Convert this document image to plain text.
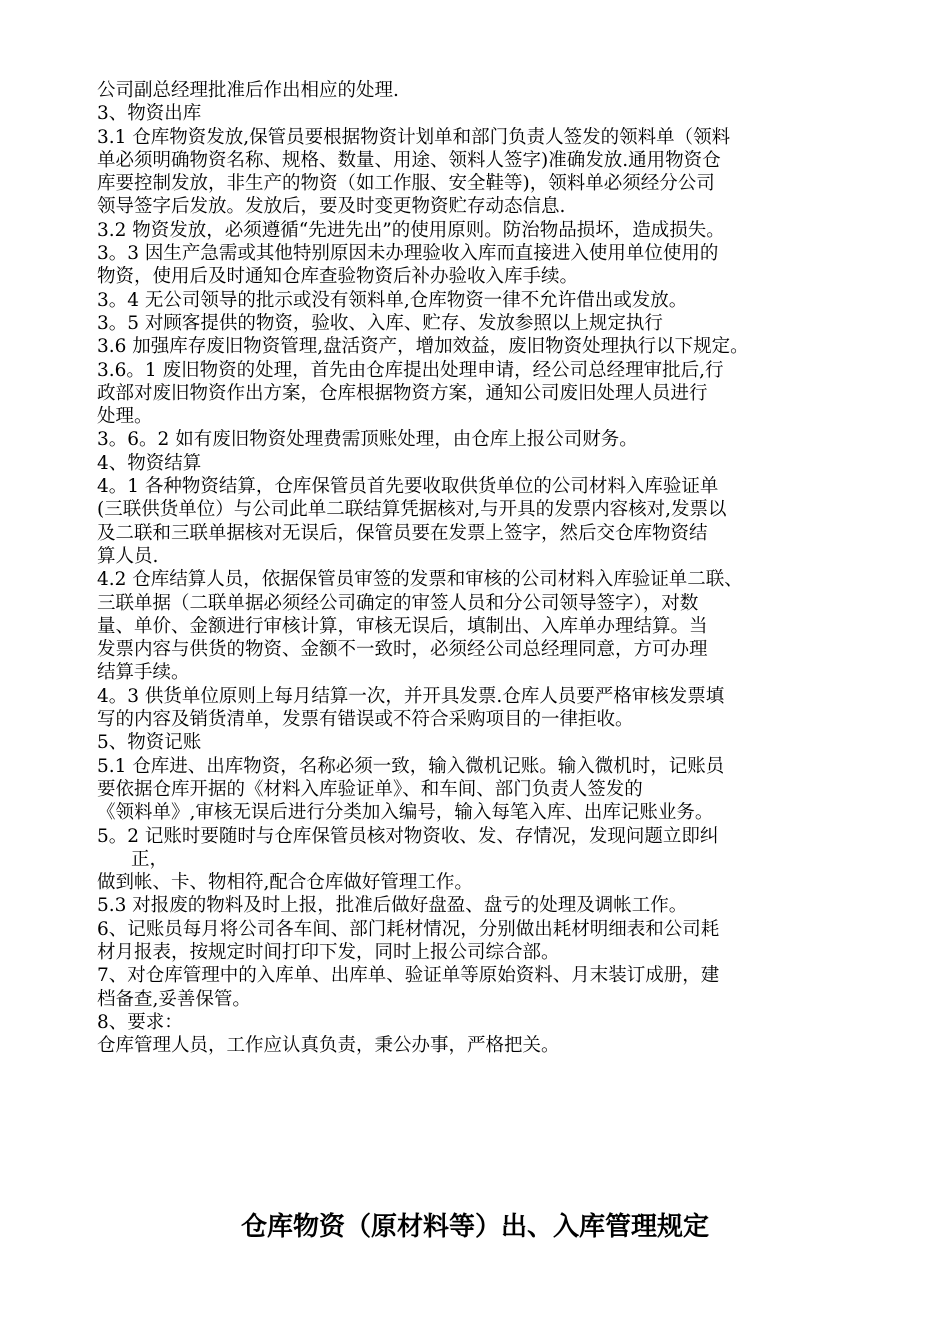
公司副总经理批准后作出相应的处理.
3、物资出库
3.1 仓库物资发放,保管员要根据物资计划单和部门负责人签发的领料单（领料
单必须明确物资名称、规格、数量、用途、领料人签字)准确发放.通用物资仓
库要控制发放，非生产的物资（如工作服、安全鞋等)，领料单必须经分公司
领导签字后发放。发放后，要及时变更物资贮存动态信息.
3.2 物资发放，必须遵循“先进先出”的使用原则。防治物品损坏，造成损失。
3。3 因生产急需或其他特别原因未办理验收入库而直接进入使用单位使用的
物资，使用后及时通知仓库查验物资后补办验收入库手续。
3。4 无公司领导的批示或没有领料单,仓库物资一律不允许借出或发放。
3。5 对顾客提供的物资，验收、入库、贮存、发放参照以上规定执行
3.6 加强库存废旧物资管理,盘活资产，增加效益，废旧物资处理执行以下规定。
3.6。1 废旧物资的处理，首先由仓库提出处理申请，经公司总经理审批后,行
政部对废旧物资作出方案，仓库根据物资方案，通知公司废旧处理人员进行
处理。
3。6。2 如有废旧物资处理费需顶账处理，由仓库上报公司财务。
4、物资结算
4。1 各种物资结算，仓库保管员首先要收取供货单位的公司材料入库验证单
(三联供货单位）与公司此单二联结算凭据核对,与开具的发票内容核对,发票以
及二联和三联单据核对无误后，保管员要在发票上签字，然后交仓库物资结
算人员.
4.2 仓库结算人员，依据保管员审签的发票和审核的公司材料入库验证单二联、
三联单据（二联单据必须经公司确定的审签人员和分公司领导签字），对数
量、单价、金额进行审核计算，审核无误后，填制出、入库单办理结算。当
发票内容与供货的物资、金额不一致时，必须经公司总经理同意，方可办理
结算手续。
4。3 供货单位原则上每月结算一次，并开具发票.仓库人员要严格审核发票填
写的内容及销货清单，发票有错误或不符合采购项目的一律拒收。
5、物资记账
5.1 仓库进、出库物资，名称必须一致，输入微机记账。输入微机时，记账员
要依据仓库开据的《材料入库验证单》、和车间、部门负责人签发的
《领料单》,审核无误后进行分类加入编号，输入每笔入库、出库记账业务。
5。2 记账时要随时与仓库保管员核对物资收、发、存情况，发现问题立即纠
正，
做到帐、卡、物相符,配合仓库做好管理工作。
5.3 对报废的物料及时上报，批准后做好盘盈、盘亏的处理及调帐工作。
6、记账员每月将公司各车间、部门耗材情况，分别做出耗材明细表和公司耗
材月报表，按规定时间打印下发，同时上报公司综合部。
7、对仓库管理中的入库单、出库单、验证单等原始资料、月末装订成册，建
档备查,妥善保管。
8、要求：
仓库管理人员，工作应认真负责，秉公办事，严格把关。
仓库物资（原材料等）出、入库管理规定
